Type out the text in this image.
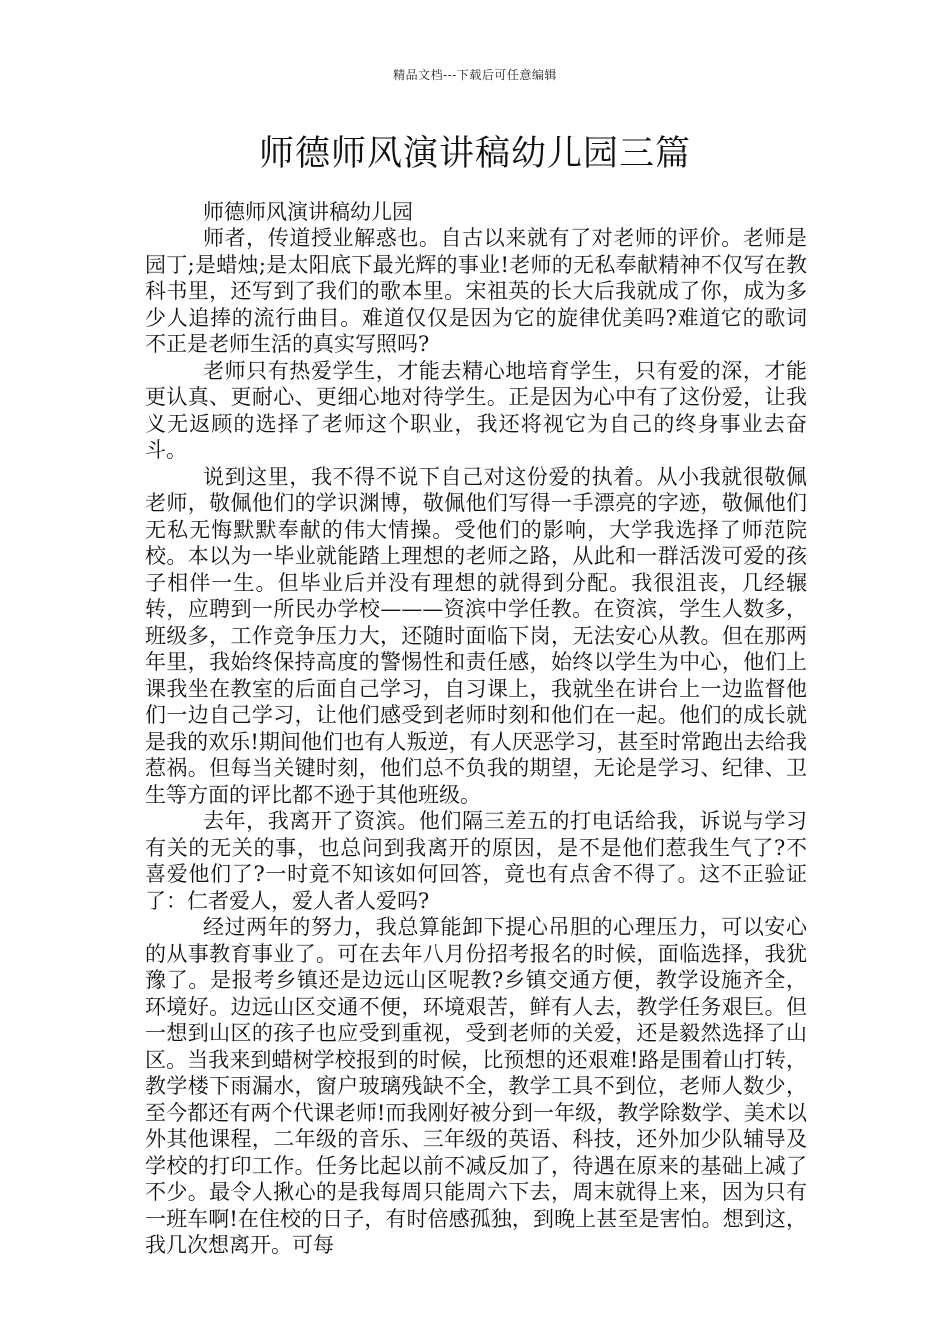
精品文档---下载后可任意编辑
师德师风演讲稿幼儿园三篇

师德师风演讲稿幼儿园

师者，传道授业解惑也。自古以来就有了对老师的评价。老师是园丁;是蜡烛;是太阳底下最光辉的事业!老师的无私奉献精神不仅写在教科书里，还写到了我们的歌本里。宋祖英的长大后我就成了你，成为多少人追捧的流行曲目。难道仅仅是因为它的旋律优美吗?难道它的歌词不正是老师生活的真实写照吗?

老师只有热爱学生，才能去精心地培育学生，只有爱的深，才能更认真、更耐心、更细心地对待学生。正是因为心中有了这份爱，让我义无返顾的选择了老师这个职业，我还将视它为自己的终身事业去奋斗。

说到这里，我不得不说下自己对这份爱的执着。从小我就很敬佩老师，敬佩他们的学识渊博，敬佩他们写得一手漂亮的字迹，敬佩他们无私无悔默默奉献的伟大情操。受他们的影响，大学我选择了师范院校。本以为一毕业就能踏上理想的老师之路，从此和一群活泼可爱的孩子相伴一生。但毕业后并没有理想的就得到分配。我很沮丧，几经辗转，应聘到一所民办学校———资滨中学任教。在资滨，学生人数多，班级多，工作竞争压力大，还随时面临下岗，无法安心从教。但在那两年里，我始终保持高度的警惕性和责任感，始终以学生为中心，他们上课我坐在教室的后面自己学习，自习课上，我就坐在讲台上一边监督他们一边自己学习，让他们感受到老师时刻和他们在一起。他们的成长就是我的欢乐!期间他们也有人叛逆，有人厌恶学习，甚至时常跑出去给我惹祸。但每当关键时刻，他们总不负我的期望，无论是学习、纪律、卫生等方面的评比都不逊于其他班级。

去年，我离开了资滨。他们隔三差五的打电话给我，诉说与学习有关的无关的事，也总问到我离开的原因，是不是他们惹我生气了?不喜爱他们了?一时竟不知该如何回答，竟也有点舍不得了。这不正验证了：仁者爱人，爱人者人爱吗?

经过两年的努力，我总算能卸下提心吊胆的心理压力，可以安心的从事教育事业了。可在去年八月份招考报名的时候，面临选择，我犹豫了。是报考乡镇还是边远山区呢教?乡镇交通方便，教学设施齐全，环境好。边远山区交通不便，环境艰苦，鲜有人去，教学任务艰巨。但一想到山区的孩子也应受到重视，受到老师的关爱，还是毅然选择了山区。当我来到蜡树学校报到的时候，比预想的还艰难!路是围着山打转，教学楼下雨漏水，窗户玻璃残缺不全，教学工具不到位，老师人数少，至今都还有两个代课老师!而我刚好被分到一年级，教学除数学、美术以外其他课程，二年级的音乐、三年级的英语、科技，还外加少队辅导及学校的打印工作。任务比起以前不减反加了，待遇在原来的基础上减了不少。最令人揪心的是我每周只能周六下去，周末就得上来，因为只有一班车啊!在住校的日子，有时倍感孤独，到晚上甚至是害怕。想到这，我几次想离开。可每
